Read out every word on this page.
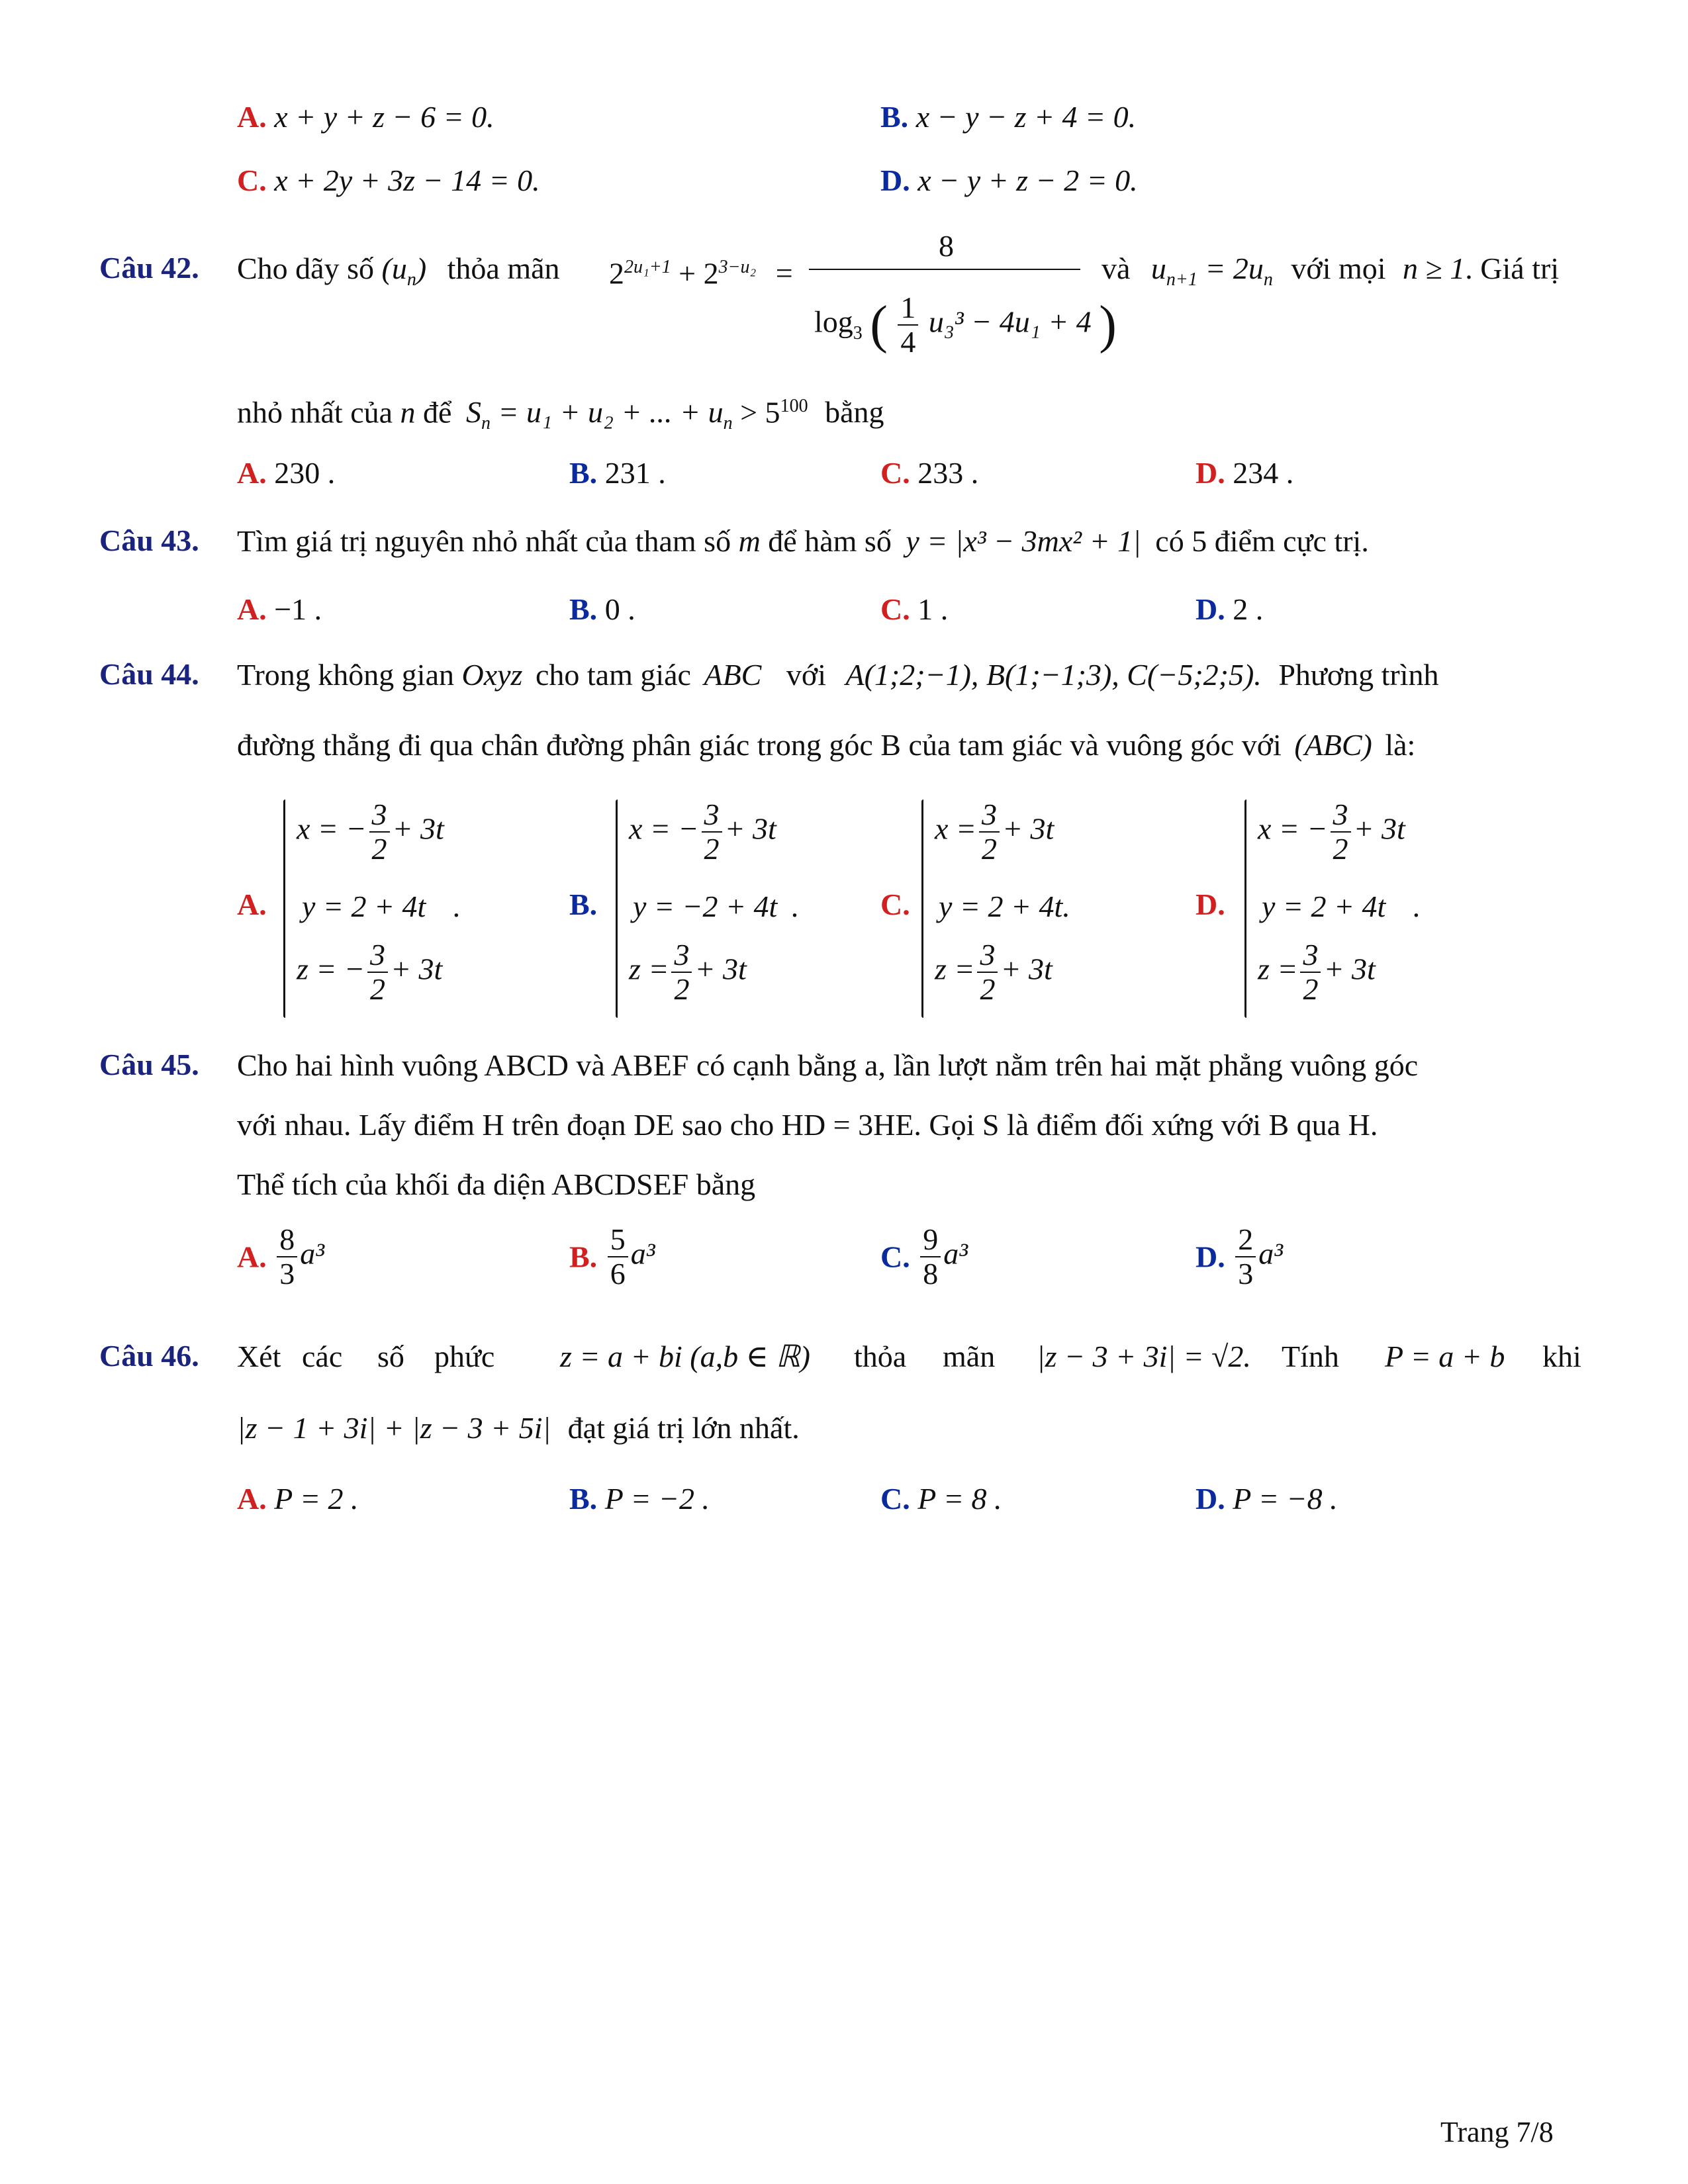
A. x + y + z − 6 = 0.	B. x − y − z + 4 = 0.
C. x + 2y + 3z − 14 = 0.	D. x − y + z − 2 = 0.
Câu 42. Cho dãy số $(u_n)$ thỏa mãn $2^{2u_1+1} + 2^{3-u_2}$ =
8
$\log_3$ ( $\frac{1}{4} u_3^3 - 4u_1 + 4$ )
và $u_{n+1} = 2u_n$ với mọi n ≥ 1. Giá trị
nhỏ nhất của n để $S_n = u_1 + u_2$ + ... + $u_n > 5^{100}$ bằng
A. 230 .	B. 231 .	C. 233 .	D. 234 .
Câu 43. Tìm giá trị nguyên nhỏ nhất của tham số m để hàm số y = |x³ − 3mx² + 1| có 5 điểm cực trị.
A. −1 .	B. 0 .	C. 1 .	D. 2 .
Câu 44. Trong không gian Oxyz cho tam giác ABC với A(1;2;−1), B(1;−1;3), C(−5;2;5). Phương trình
đường thẳng đi qua chân đường phân giác trong góc B của tam giác và vuông góc với (ABC) là:
A.
x = − $\frac{3}{2} + 3t$
y = 2 + 4t .
z = − $\frac{3}{2} + 3t$
B.
x = − $\frac{3}{2} + 3t$
y = −2 + 4t .
$z = \frac{3}{2} + 3t$
C.
$x = \frac{3}{2} + 3t$
y = 2 + 4t.
$z = \frac{3}{2} + 3t$
D.
x = − $\frac{3}{2} + 3t$
y = 2 + 4t .
$z = \frac{3}{2} + 3t$
Câu 45. Cho hai hình vuông ABCD và ABEF có cạnh bằng a, lần lượt nằm trên hai mặt phẳng vuông góc
với nhau. Lấy điểm H trên đoạn DE sao cho HD = 3HE. Gọi S là điểm đối xứng với B qua H.
Thể tích của khối đa diện ABCDSEF bằng
A. $\frac{8}{3} a^3$	B. $\frac{5}{6} a^3$	C. $\frac{9}{8} a^3$	D. $\frac{2}{3} a^3$
Câu 46. Xét các số phức z = a + bi (a,b ∈ ℝ) thỏa mãn |z − 3 + 3i| = √2. Tính P = a + b khi
|z − 1 + 3i| + |z − 3 + 5i| đạt giá trị lớn nhất.
A. P = 2 .	B. P = −2 .	C. P = 8 .	D. P = −8 .
Trang 7/8
